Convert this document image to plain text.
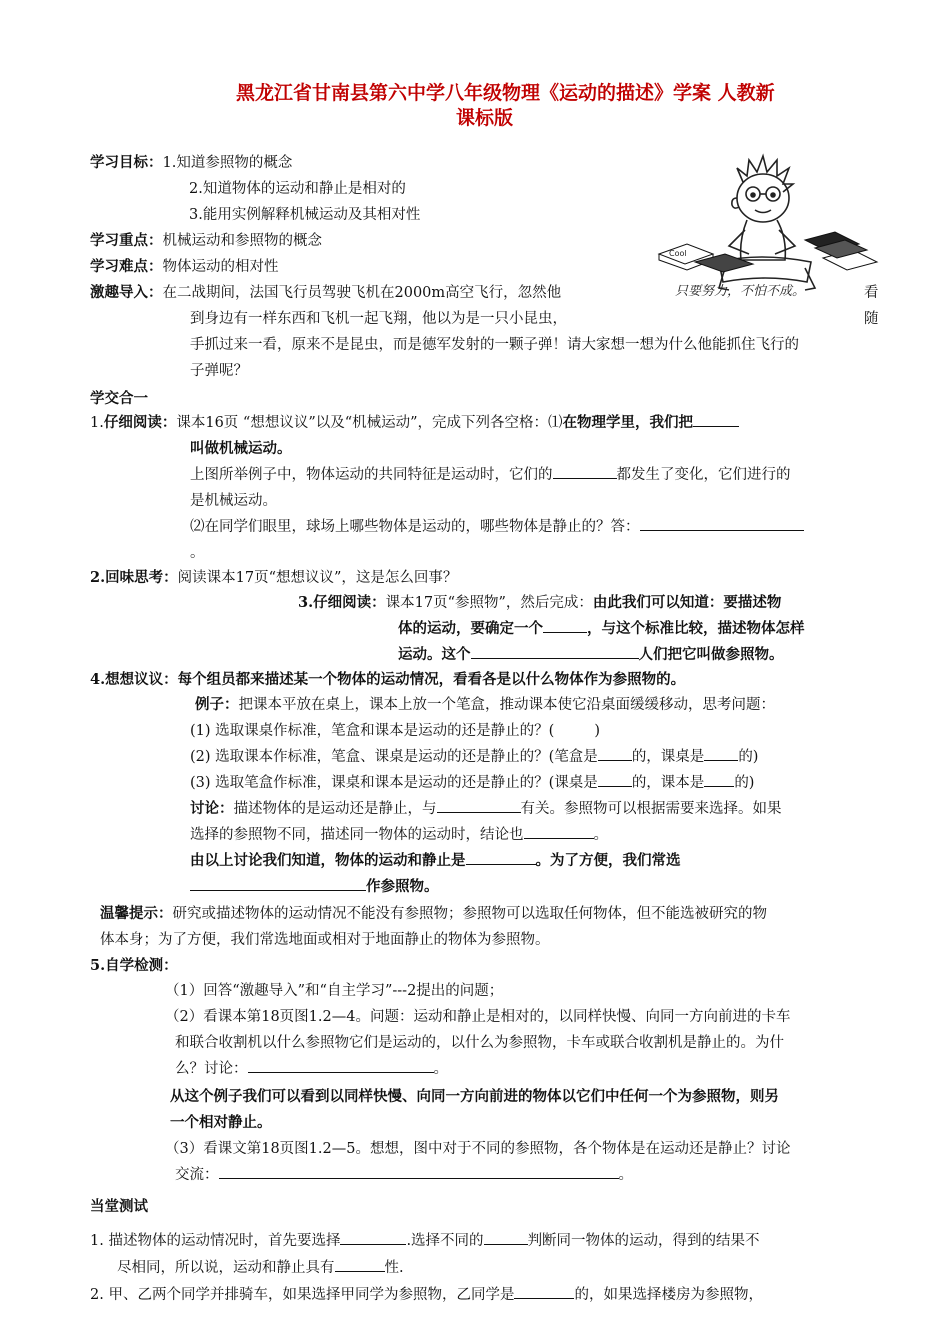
黑龙江省甘南县第六中学八年级物理《运动的描述》学案 人教新
课标版
学习目标：1.知道参照物的概念
2.知道物体的运动和静止是相对的
3.能用实例解释机械运动及其相对性
学习重点：机械运动和参照物的概念
学习难点：物体运动的相对性
Cool
只要努力，不怕不成。
激趣导入：在二战期间，法国飞行员驾驶飞机在2000m高空飞行，忽然他	看
到身边有一样东西和飞机一起飞翔，他以为是一只小昆虫，	随
手抓过来一看，原来不是昆虫，而是德军发射的一颗子弹！请大家想一想为什么他能抓住飞行的
子弹呢？
学交合一
1.仔细阅读：课本16页 “想想议议”以及“机械运动”，完成下列各空格：⑴在物理学里，我们把
叫做机械运动。
上图所举例子中，物体运动的共同特征是运动时，它们的	都发生了变化，它们进行的
是机械运动。
⑵在同学们眼里，球场上哪些物体是运动的，哪些物体是静止的？答：
。
2.回味思考：阅读课本17页“想想议议”，这是怎么回事？
3.仔细阅读：课本17页“参照物”，然后完成：由此我们可以知道：要描述物
体的运动，要确定一个	，与这个标准比较，描述物体怎样
运动。这个	人们把它叫做参照物。
4.想想议议：每个组员都来描述某一个物体的运动情况，看看各是以什么物体作为参照物的。
例子：把课本平放在桌上，课本上放一个笔盒，推动课本使它沿桌面缓缓移动，思考问题：
(1) 选取课桌作标准，笔盒和课本是运动的还是静止的？(	)
(2) 选取课本作标准，笔盒、课桌是运动的还是静止的？(笔盒是 的，课桌是 的)
(3) 选取笔盒作标准，课桌和课本是运动的还是静止的？(课桌是 的，课本是 的)
讨论：描述物体的是运动还是静止，与	有关。参照物可以根据需要来选择。如果
选择的参照物不同，描述同一物体的运动时，结论也	。
由以上讨论我们知道，物体的运动和静止是	。为了方便，我们常选
作参照物。
温馨提示：研究或描述物体的运动情况不能没有参照物；参照物可以选取任何物体，但不能选被研究的物
体本身；为了方便，我们常选地面或相对于地面静止的物体为参照物。
5.自学检测：
（1）回答“激趣导入”和“自主学习”---2提出的问题；
（2）看课本第18页图1.2—4。问题：运动和静止是相对的，以同样快慢、向同一方向前进的卡车
和联合收割机以什么参照物它们是运动的，以什么为参照物，卡车或联合收割机是静止的。为什
么？讨论：	。
从这个例子我们可以看到以同样快慢、向同一方向前进的物体以它们中任何一个为参照物，则另
一个相对静止。
（3）看课文第18页图1.2—5。想想，图中对于不同的参照物，各个物体是在运动还是静止？讨论
交流：	。
当堂测试
1. 描述物体的运动情况时，首先要选择	.选择不同的	判断同一物体的运动，得到的结果不
尽相同，所以说，运动和静止具有	性.
2. 甲、乙两个同学并排骑车，如果选择甲同学为参照物，乙同学是	的，如果选择楼房为参照物，
